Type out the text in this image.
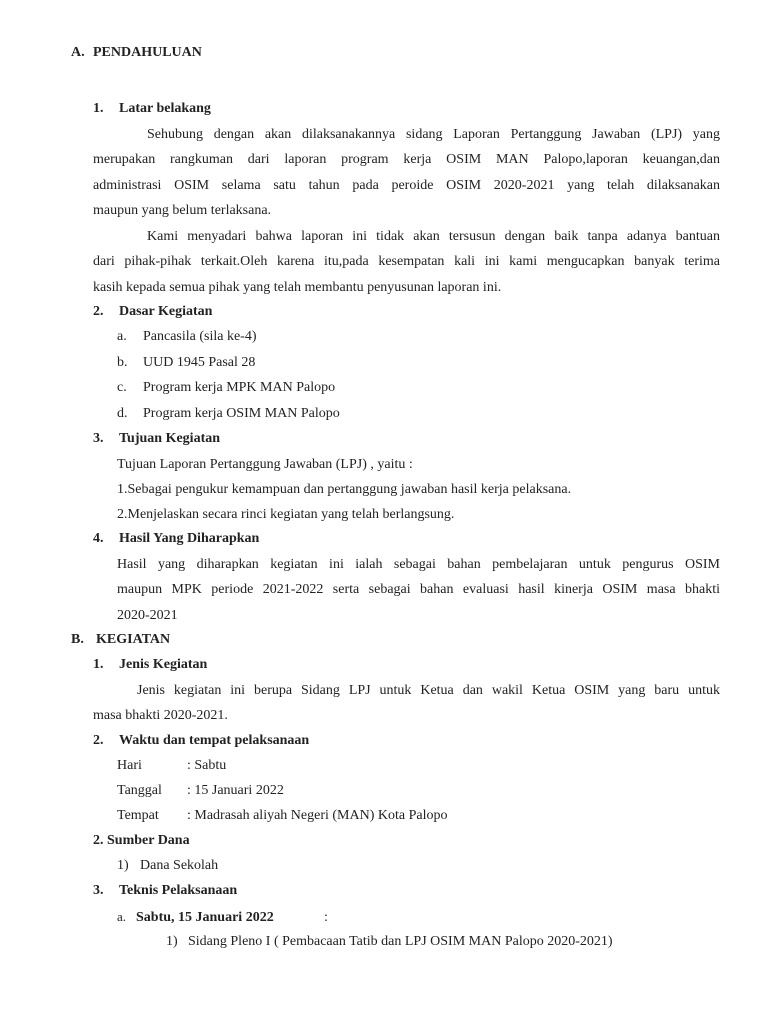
A. PENDAHULUAN
1. Latar belakang
Sehubung dengan akan dilaksanakannya sidang Laporan Pertanggung Jawaban (LPJ) yang
merupakan rangkuman dari laporan program kerja OSIM MAN Palopo,laporan keuangan,dan
administrasi OSIM selama satu tahun pada peroide OSIM 2020-2021 yang telah dilaksanakan
maupun yang belum terlaksana.
Kami menyadari bahwa laporan ini tidak akan tersusun dengan baik tanpa adanya bantuan
dari pihak-pihak terkait.Oleh karena itu,pada kesempatan kali ini kami mengucapkan banyak terima
kasih kepada semua pihak yang telah membantu penyusunan laporan ini.
2. Dasar Kegiatan
a. Pancasila (sila ke-4)
b. UUD 1945 Pasal 28
c. Program kerja MPK MAN Palopo
d. Program kerja OSIM MAN Palopo
3. Tujuan Kegiatan
Tujuan Laporan Pertanggung Jawaban (LPJ) , yaitu :
1.Sebagai pengukur kemampuan dan pertanggung jawaban hasil kerja pelaksana.
2.Menjelaskan secara rinci kegiatan yang telah berlangsung.
4. Hasil Yang Diharapkan
Hasil yang diharapkan kegiatan ini ialah sebagai bahan pembelajaran untuk pengurus OSIM
maupun MPK periode 2021-2022 serta sebagai bahan evaluasi hasil kinerja OSIM masa bhakti
2020-2021
B. KEGIATAN
1. Jenis Kegiatan
Jenis kegiatan ini berupa Sidang LPJ untuk Ketua dan wakil Ketua OSIM yang baru untuk
masa bhakti 2020-2021.
2. Waktu dan tempat pelaksanaan
Hari	: Sabtu
Tanggal : 15 Januari 2022
Tempat : Madrasah aliyah Negeri (MAN) Kota Palopo
2. Sumber Dana
1) Dana Sekolah
3. Teknis Pelaksanaan
a. Sabtu, 15 Januari 2022	:
1) Sidang Pleno I ( Pembacaan Tatib dan LPJ OSIM MAN Palopo 2020-2021)
